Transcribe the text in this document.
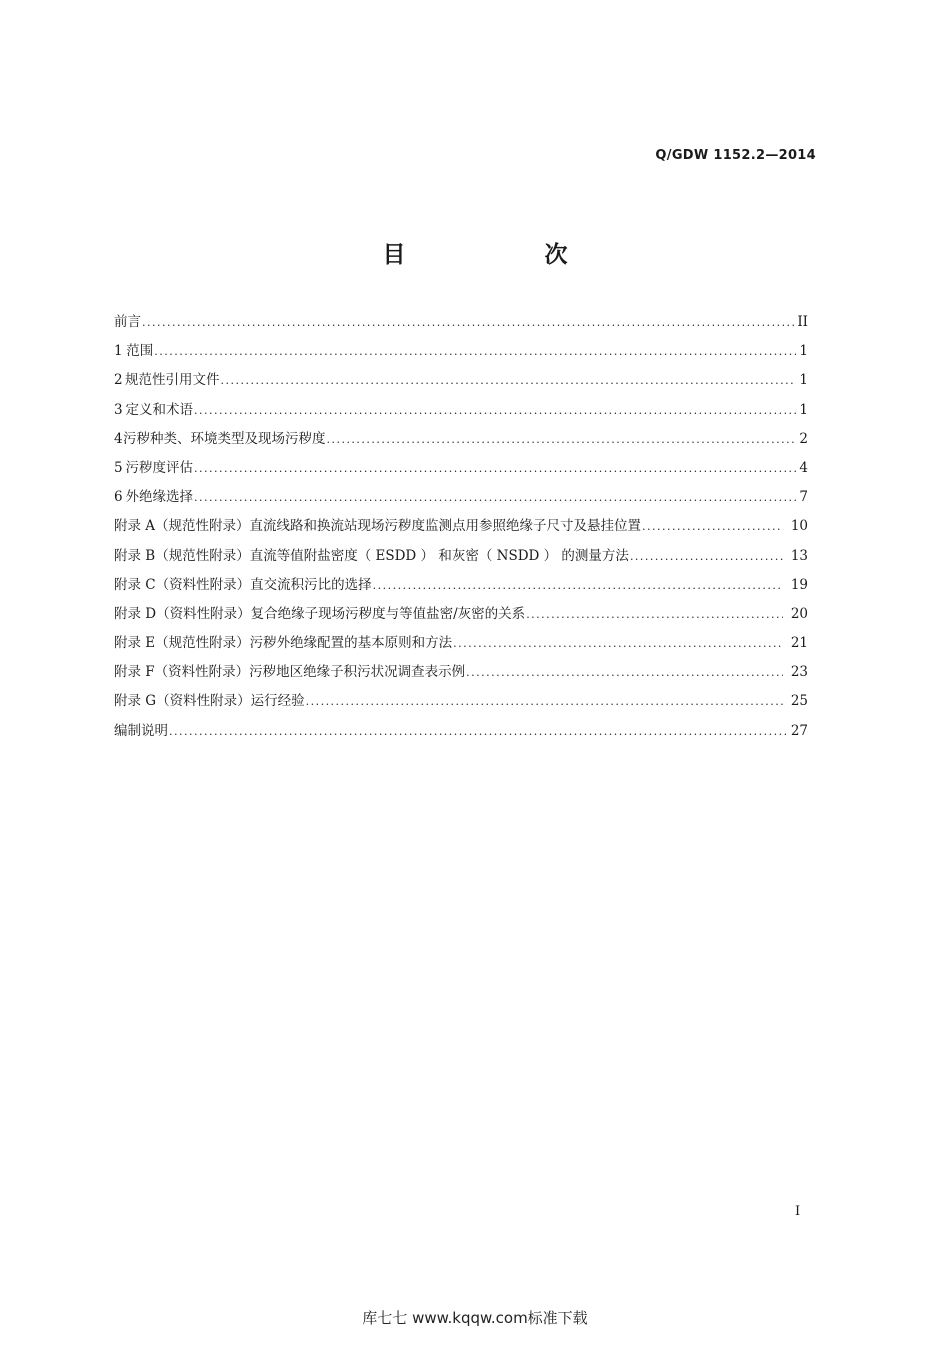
Q/GDW 1152.2—2014
目　次
前言 .....	II
1 范围 .....	1
2 规范性引用文件 .....	1
3 定义和术语 .....	1
4 污秽种类、环境类型及现场污秽度 .....	2
5 污秽度评估 .....	4
6 外绝缘选择 .....	7
附录 A（规范性附录） 直流线路和换流站现场污秽度监测点用参照绝缘子尺寸及悬挂位置 .....	10
附录 B（规范性附录） 直流等值附盐密度（ ESDD ） 和灰密（ NSDD ） 的测量方法 .....	13
附录 C（资料性附录） 直交流积污比的选择 .....	19
附录 D（资料性附录） 复合绝缘子现场污秽度与等值盐密/灰密的关系 .....	20
附录 E（规范性附录） 污秽外绝缘配置的基本原则和方法 .....	21
附录 F（资料性附录） 污秽地区绝缘子积污状况调查表示例 .....	23
附录 G（资料性附录） 运行经验 .....	25
编制说明 .....	27
I
库七七 www.kqqw.com标准下载
